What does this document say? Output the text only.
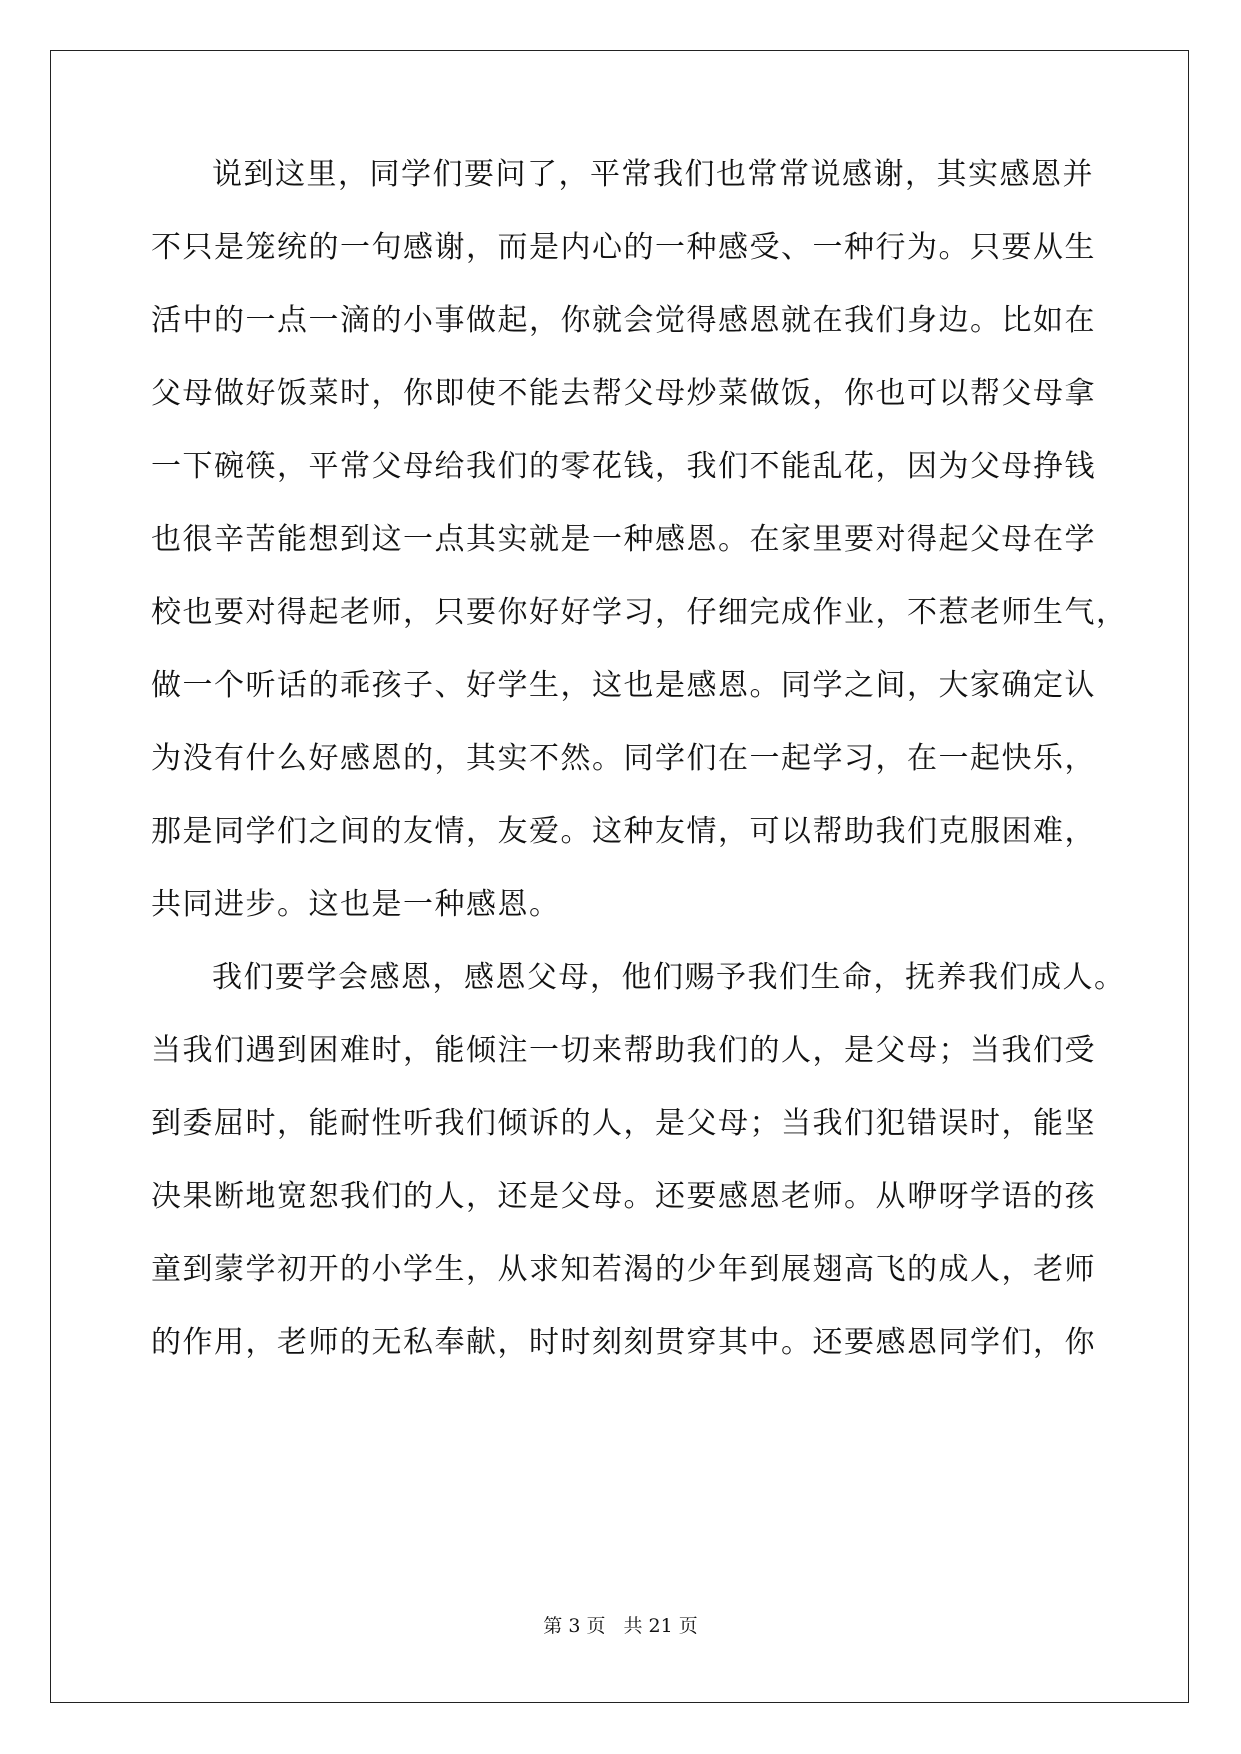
说到这里，同学们要问了，平常我们也常常说感谢，其实感恩并
不只是笼统的一句感谢，而是内心的一种感受、一种行为。只要从生
活中的一点一滴的小事做起，你就会觉得感恩就在我们身边。比如在
父母做好饭菜时，你即使不能去帮父母炒菜做饭，你也可以帮父母拿
一下碗筷，平常父母给我们的零花钱，我们不能乱花，因为父母挣钱
也很辛苦能想到这一点其实就是一种感恩。在家里要对得起父母在学
校也要对得起老师，只要你好好学习，仔细完成作业，不惹老师生气，
做一个听话的乖孩子、好学生，这也是感恩。同学之间，大家确定认
为没有什么好感恩的，其实不然。同学们在一起学习，在一起快乐，
那是同学们之间的友情，友爱。这种友情，可以帮助我们克服困难，
共同进步。这也是一种感恩。
我们要学会感恩，感恩父母，他们赐予我们生命，抚养我们成人。
当我们遇到困难时，能倾注一切来帮助我们的人，是父母；当我们受
到委屈时，能耐性听我们倾诉的人，是父母；当我们犯错误时，能坚
决果断地宽恕我们的人，还是父母。还要感恩老师。从咿呀学语的孩
童到蒙学初开的小学生，从求知若渴的少年到展翅高飞的成人，老师
的作用，老师的无私奉献，时时刻刻贯穿其中。还要感恩同学们，你
第 3 页 共 21 页
